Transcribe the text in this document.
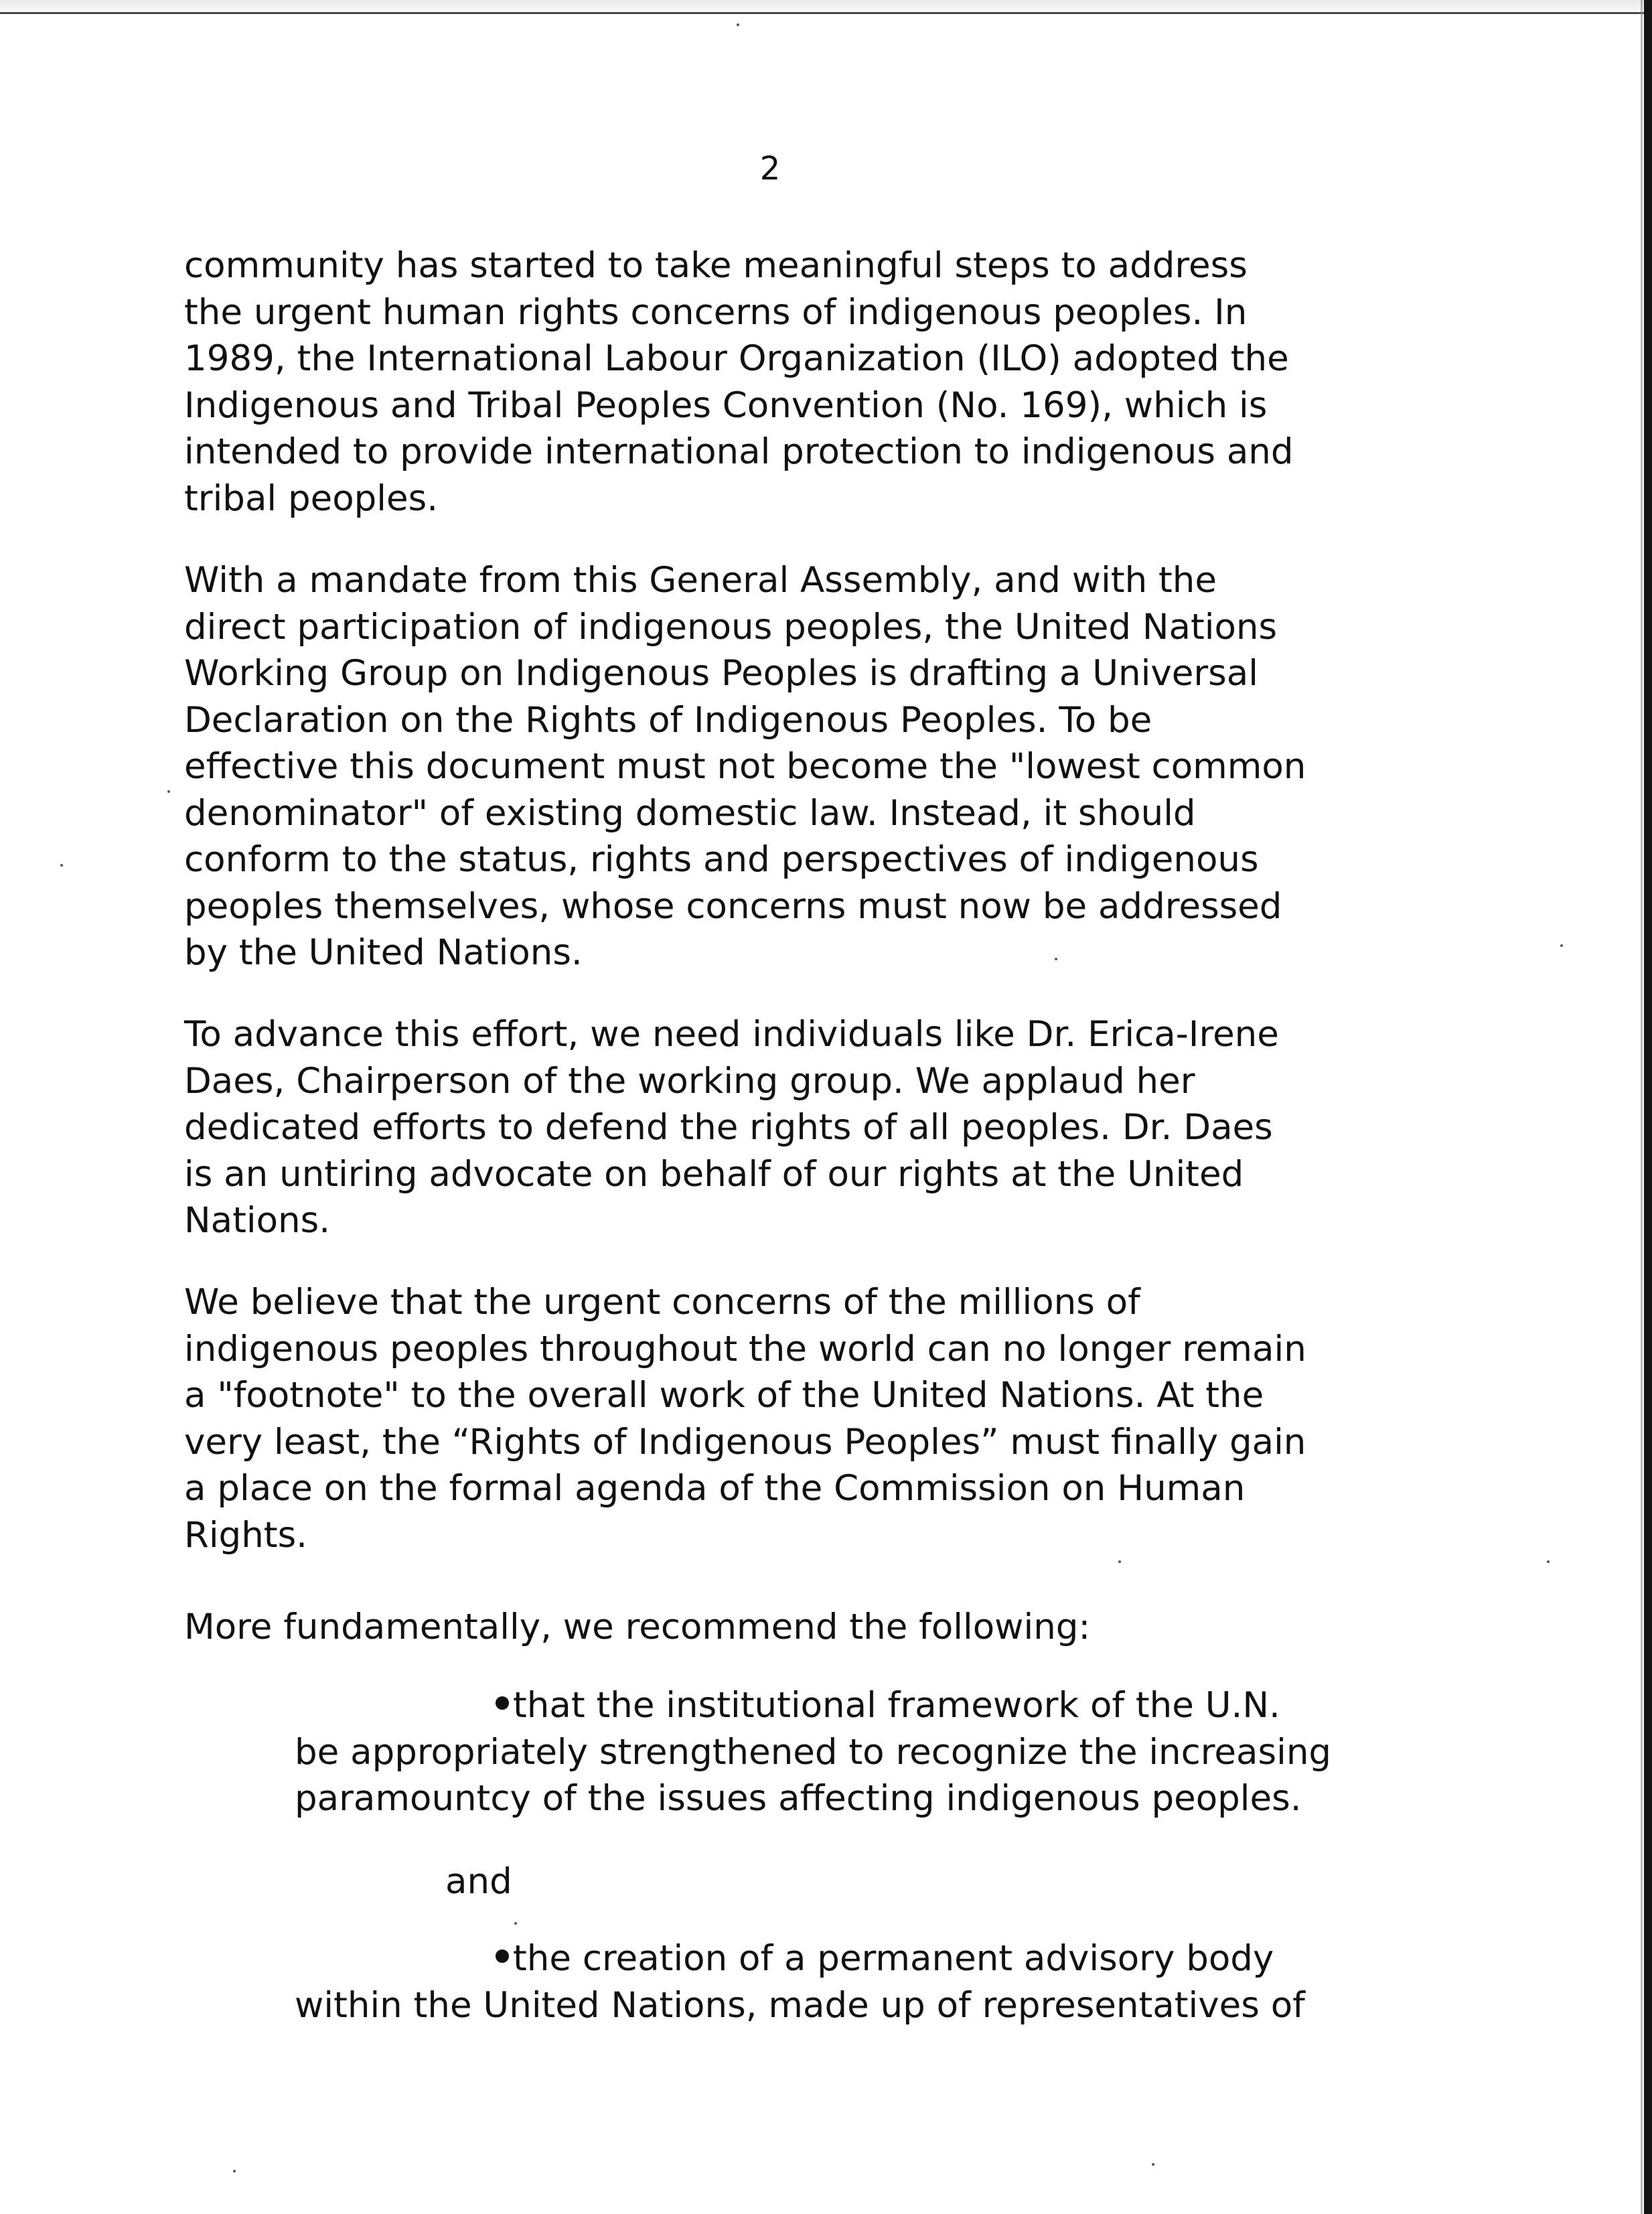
2

community has started to take meaningful steps to address
the urgent human rights concerns of indigenous peoples. In
1989, the International Labour Organization (ILO) adopted the
Indigenous and Tribal Peoples Convention (No. 169), which is
intended to provide international protection to indigenous and
tribal peoples.

With a mandate from this General Assembly, and with the
direct participation of indigenous peoples, the United Nations
Working Group on Indigenous Peoples is drafting a Universal
Declaration on the Rights of Indigenous Peoples. To be
effective this document must not become the "lowest common
denominator" of existing domestic law. Instead, it should
conform to the status, rights and perspectives of indigenous
peoples themselves, whose concerns must now be addressed
by the United Nations.

To advance this effort, we need individuals like Dr. Erica-Irene
Daes, Chairperson of the working group. We applaud her
dedicated efforts to defend the rights of all peoples. Dr. Daes
is an untiring advocate on behalf of our rights at the United
Nations.

We believe that the urgent concerns of the millions of
indigenous peoples throughout the world can no longer remain
a "footnote" to the overall work of the United Nations. At the
very least, the “Rights of Indigenous Peoples” must finally gain
a place on the formal agenda of the Commission on Human
Rights.

More fundamentally, we recommend the following:

that the institutional framework of the U.N.
be appropriately strengthened to recognize the increasing
paramountcy of the issues affecting indigenous peoples.
and
the creation of a permanent advisory body
within the United Nations, made up of representatives of
